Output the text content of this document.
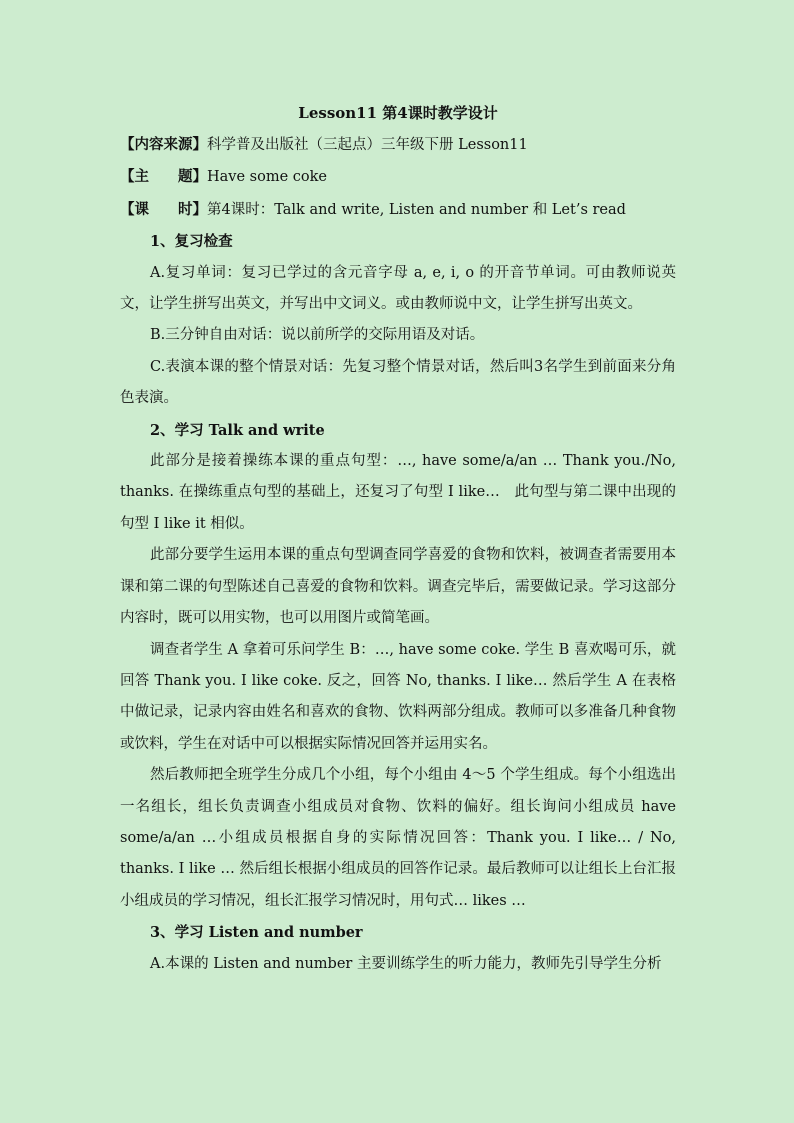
Lesson11 第4课时教学设计
【内容来源】科学普及出版社（三起点）三年级下册 Lesson11
【主　　题】Have some coke
【课　　时】第4课时：Talk and write, Listen and number 和 Let’s read
1、复习检查

A.复习单词：复习已学过的含元音字母 a, e, i, o 的开音节单词。可由教师说英文，让学生拼写出英文，并写出中文词义。或由教师说中文，让学生拼写出英文。

B.三分钟自由对话：说以前所学的交际用语及对话。

C.表演本课的整个情景对话：先复习整个情景对话，然后叫3名学生到前面来分角色表演。

2、学习 Talk and write

此部分是接着操练本课的重点句型：…, have some/a/an … Thank you./No, thanks. 在操练重点句型的基础上，还复习了句型 I like…　此句型与第二课中出现的句型 I like it 相似。

此部分要学生运用本课的重点句型调查同学喜爱的食物和饮料，被调查者需要用本课和第二课的句型陈述自己喜爱的食物和饮料。调查完毕后，需要做记录。学习这部分内容时，既可以用实物，也可以用图片或简笔画。

调查者学生 A 拿着可乐问学生 B：…, have some coke. 学生 B 喜欢喝可乐，就回答 Thank you. I like coke. 反之，回答 No, thanks. I like… 然后学生 A 在表格中做记录，记录内容由姓名和喜欢的食物、饮料两部分组成。教师可以多准备几种食物或饮料，学生在对话中可以根据实际情况回答并运用实名。

然后教师把全班学生分成几个小组，每个小组由 4～5 个学生组成。每个小组选出一名组长，组长负责调查小组成员对食物、饮料的偏好。组长询问小组成员 have some/a/an …小组成员根据自身的实际情况回答：Thank you. I like… / No, thanks. I like … 然后组长根据小组成员的回答作记录。最后教师可以让组长上台汇报小组成员的学习情况，组长汇报学习情况时，用句式… likes …

3、学习 Listen and number

A.本课的 Listen and number 主要训练学生的听力能力，教师先引导学生分析
